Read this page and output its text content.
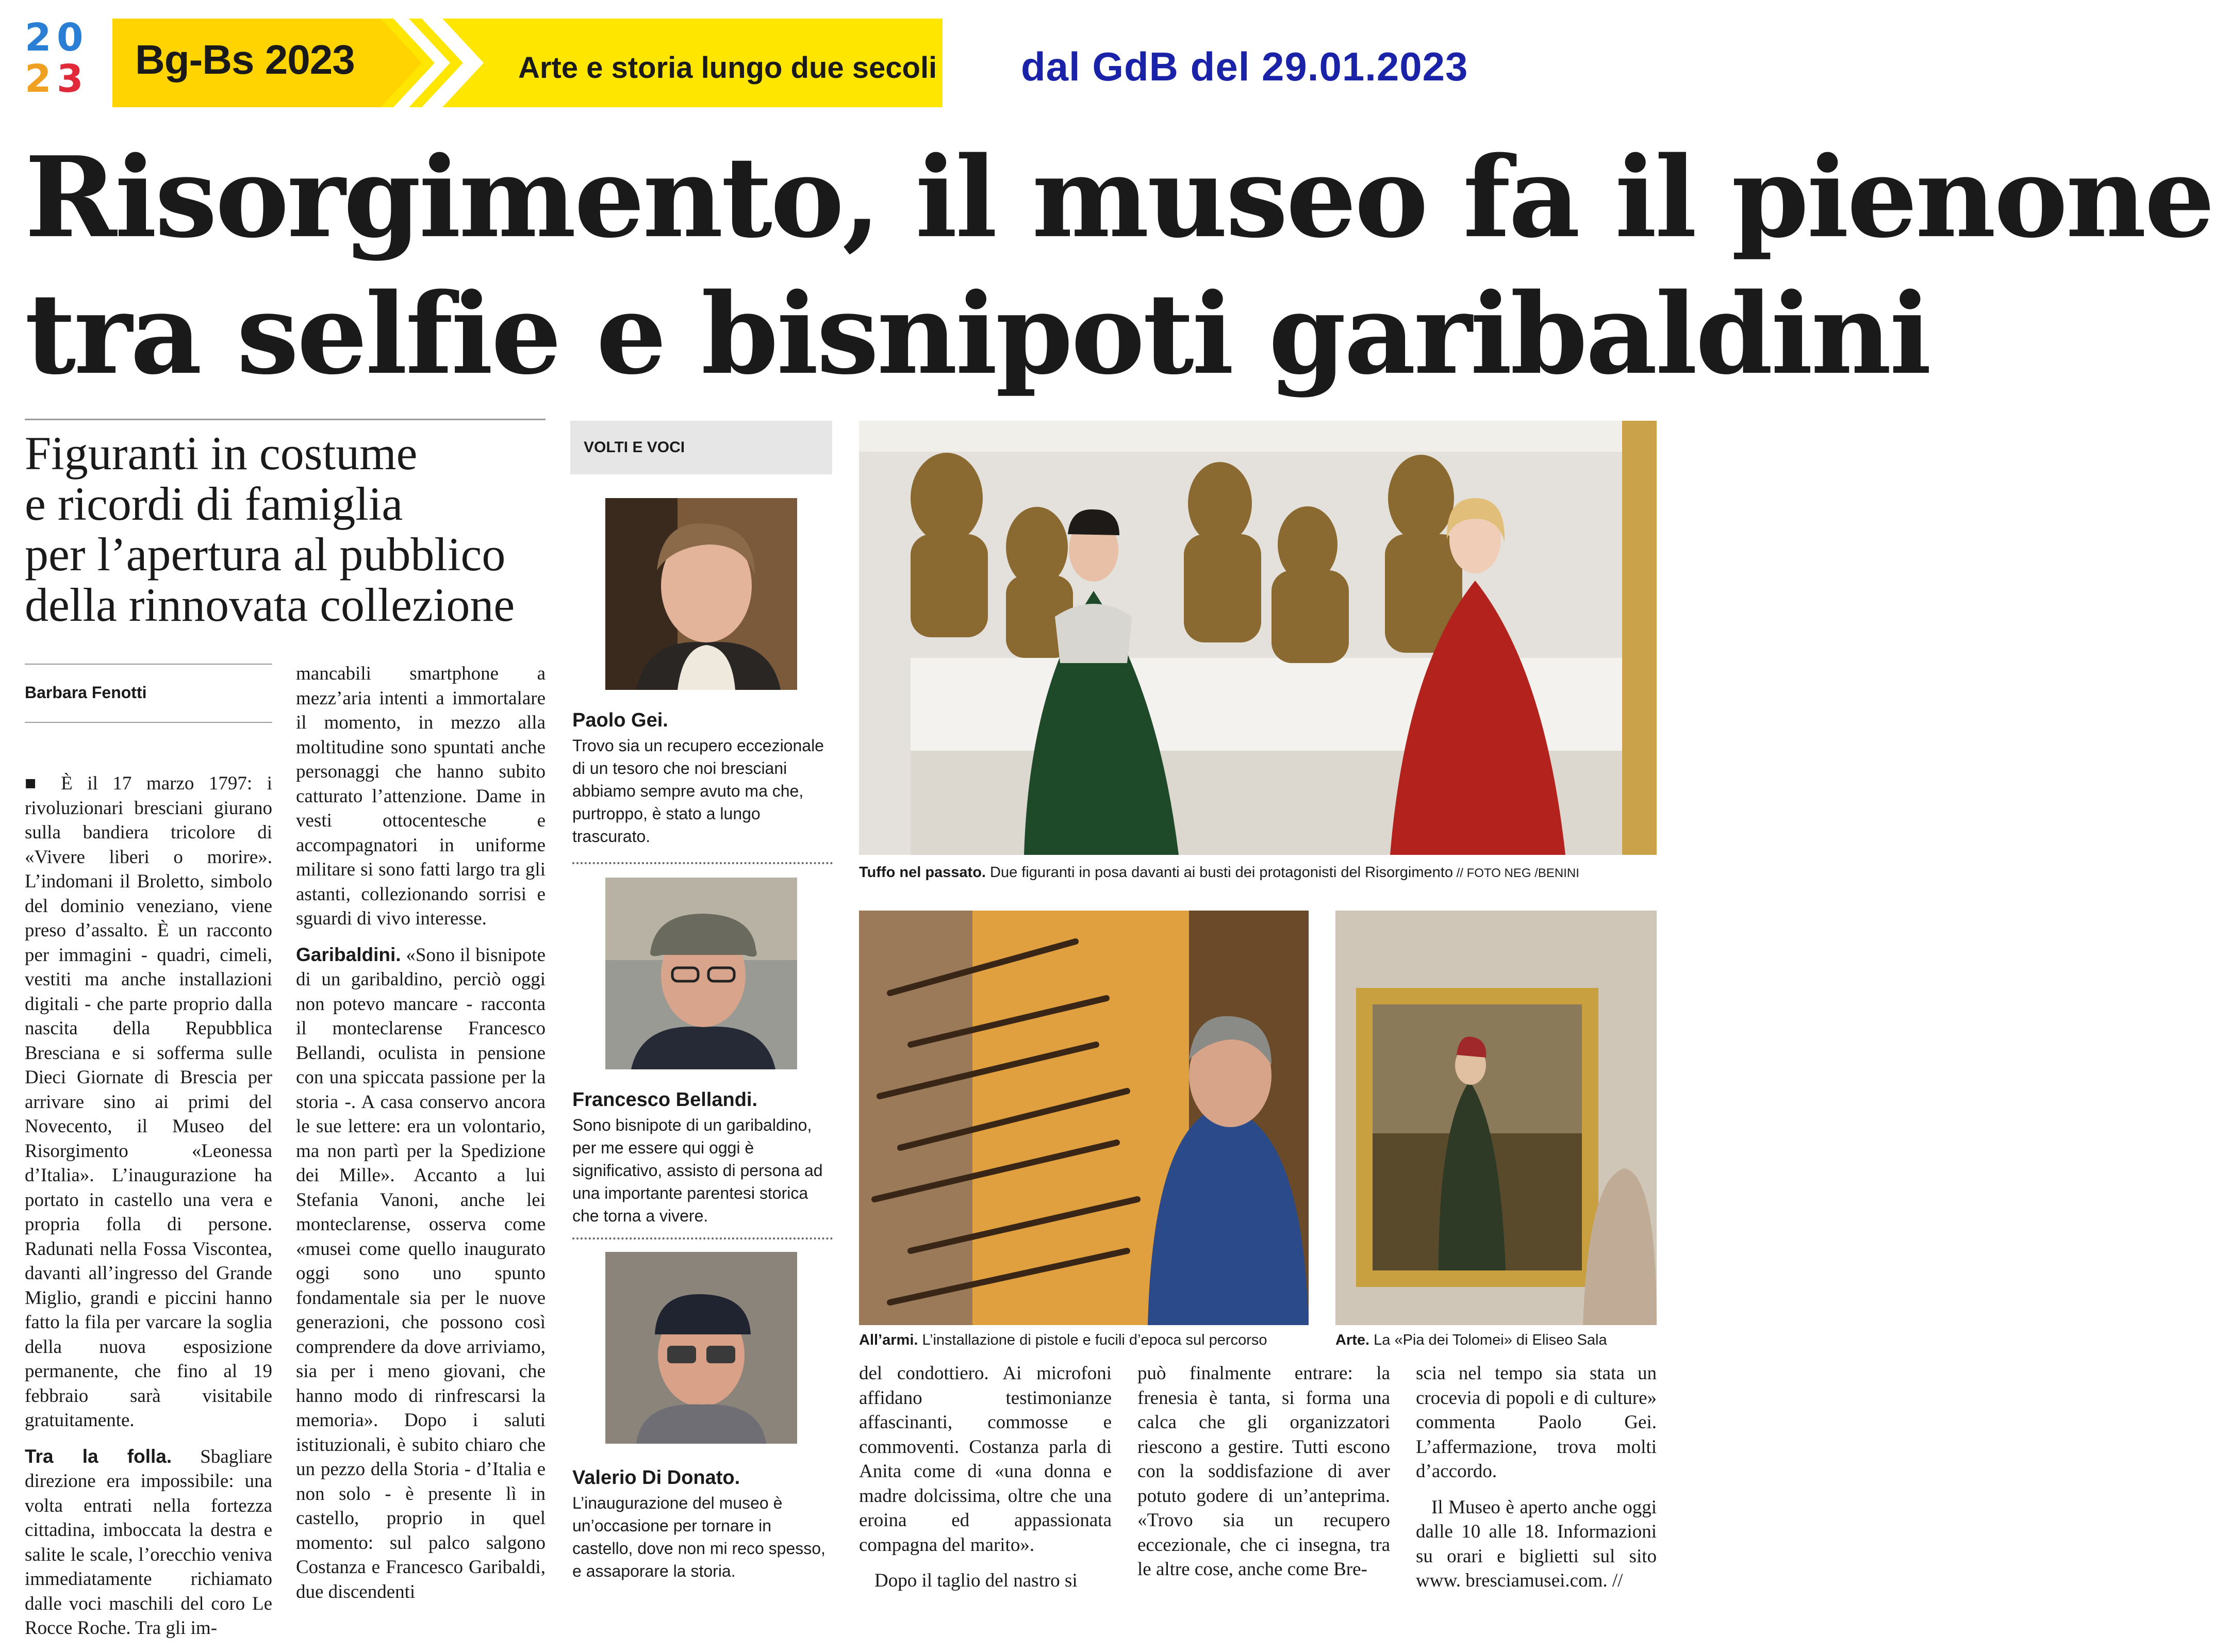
2 0
2 3 Bg-Bs 2023	Arte e storia lungo due secoli dal GdB del 29.01.2023
Risorgimento, il museo fa il pienone
tra selfie e bisnipoti garibaldini
Figuranti in costume
e ricordi di famiglia
per l’apertura al pubblico
della rinnovata collezione
Barbara Fenotti

■ È il 17 marzo 1797: i rivoluzionari bresciani giurano sulla bandiera tricolore di «Vivere liberi o morire». L’indomani il Broletto, simbolo del dominio veneziano, viene preso d’assalto. È un racconto per immagini - quadri, cimeli, vestiti ma anche installazioni digitali - che parte proprio dalla nascita della Repubblica Bresciana e si sofferma sulle Dieci Giornate di Brescia per arrivare sino ai primi del Novecento, il Museo del Risorgimento «Leonessa d’Italia». L’inaugurazione ha portato in castello una vera e propria folla di persone. Radunati nella Fossa Viscontea, davanti all’ingresso del Grande Miglio, grandi e piccini hanno fatto la fila per varcare la soglia della nuova esposizione permanente, che fino al 19 febbraio sarà visitabile gratuitamente.

Tra la folla. Sbagliare direzione era impossibile: una volta entrati nella fortezza cittadina, imboccata la destra e salite le scale, l’orecchio veniva immediatamente richiamato dalle voci maschili del coro Le Rocce Roche. Tra gli im-

mancabili smartphone a mezz’aria intenti a immortalare il momento, in mezzo alla moltitudine sono spuntati anche personaggi che hanno subito catturato l’attenzione. Dame in vesti ottocentesche e accompagnatori in uniforme militare si sono fatti largo tra gli astanti, collezionando sorrisi e sguardi di vivo interesse.

Garibaldini. «Sono il bisnipote di un garibaldino, perciò oggi non potevo mancare - racconta il monteclarense Francesco Bellandi, oculista in pensione con una spiccata passione per la storia -. A casa conservo ancora le sue lettere: era un volontario, ma non partì per la Spedizione dei Mille». Accanto a lui Stefania Vanoni, anche lei monteclarense, osserva come «musei come quello inaugurato oggi sono uno spunto fondamentale sia per le nuove generazioni, che possono così comprendere da dove arriviamo, sia per i meno giovani, che hanno modo di rinfrescarsi la memoria». Dopo i saluti istituzionali, è subito chiaro che un pezzo della Storia - d’Italia e non solo - è presente lì in castello, proprio in quel momento: sul palco salgono Costanza e Francesco Garibaldi, due discendenti

VOLTI E VOCI
Paolo Gei.
Trovo sia un recupero eccezionale di un tesoro che noi bresciani abbiamo sempre avuto ma che, purtroppo, è stato a lungo trascurato.
Francesco Bellandi.
Sono bisnipote di un garibaldino, per me essere qui oggi è significativo, assisto di persona ad una importante parentesi storica che torna a vivere.
Valerio Di Donato.
L’inaugurazione del museo è un’occasione per tornare in castello, dove non mi reco spesso, e assaporare la storia.
Tuffo nel passato. Due figuranti in posa davanti ai busti dei protagonisti del Risorgimento // FOTO NEG /BENINI
All’armi. L’installazione di pistole e fucili d’epoca sul percorso	Arte. La «Pia dei Tolomei» di Eliseo Sala

del condottiero. Ai microfoni affidano testimonianze affascinanti, commosse e commoventi. Costanza parla di Anita come di «una donna e madre dolcissima, oltre che una eroina ed appassionata compagna del marito».

Dopo il taglio del nastro si

può finalmente entrare: la frenesia è tanta, si forma una calca che gli organizzatori riescono a gestire. Tutti escono con la soddisfazione di aver potuto godere di un’anteprima. «Trovo sia un recupero eccezionale, che ci insegna, tra le altre cose, anche come Bre-

scia nel tempo sia stata un crocevia di popoli e di culture» commenta Paolo Gei. L’affermazione, trova molti d’accordo.

Il Museo è aperto anche oggi dalle 10 alle 18. Informazioni su orari e biglietti sul sito www. bresciamusei.com. //
